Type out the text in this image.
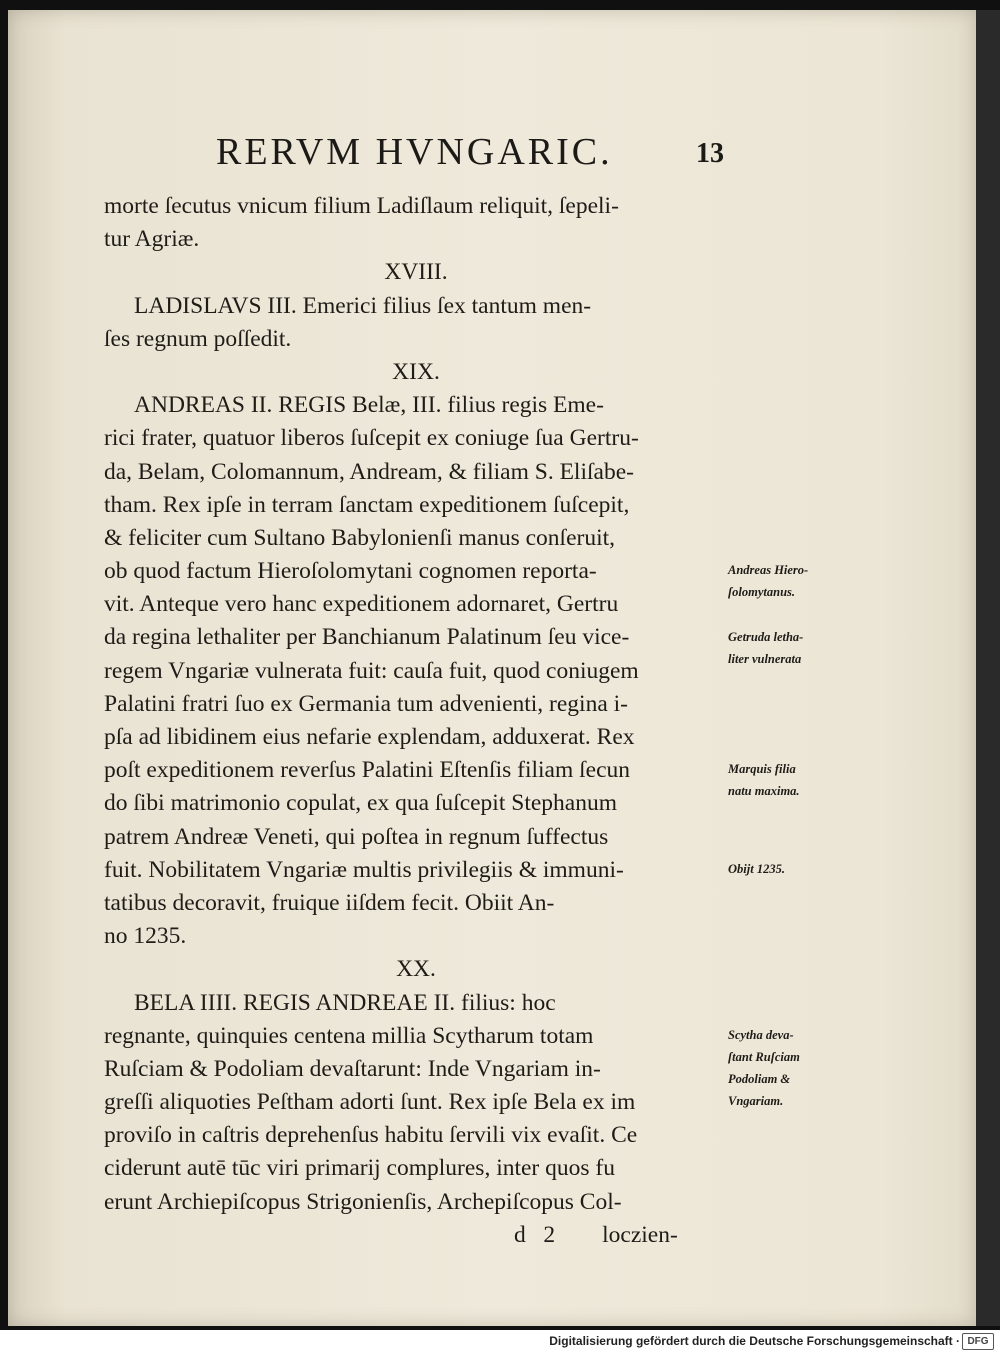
RERVM HVNGARIC.	13
morte ſecutus vnicum filium Ladiſlaum reliquit, ſepeli-
tur Agriæ.
XVIII.
LADISLAVS III. Emerici filius ſex tantum men-
ſes regnum poſſedit.
XIX.
ANDREAS II. REGIS Belæ, III. filius regis Eme-
rici frater, quatuor liberos ſuſcepit ex coniuge ſua Gertru-
da, Belam, Colomannum, Andream, & filiam S. Eliſabe-
tham. Rex ipſe in terram ſanctam expeditionem ſuſcepit,
& feliciter cum Sultano Babylonienſi manus conſeruit,
ob quod factum Hieroſolomytani cognomen reporta-
vit. Anteque vero hanc expeditionem adornaret, Gertru
da regina lethaliter per Banchianum Palatinum ſeu vice-
regem Vngariæ vulnerata fuit: cauſa fuit, quod coniugem
Palatini fratri ſuo ex Germania tum advenienti, regina i-
pſa ad libidinem eius nefarie explendam, adduxerat. Rex
poſt expeditionem reverſus Palatini Eſtenſis filiam ſecun
do ſibi matrimonio copulat, ex qua ſuſcepit Stephanum
patrem Andreæ Veneti, qui poſtea in regnum ſuffectus
fuit. Nobilitatem Vngariæ multis privilegiis & immuni-
tatibus decoravit, fruique iiſdem fecit. Obiit An-
no 1235.
XX.
BELA IIII. REGIS ANDREAE II. filius: hoc
regnante, quinquies centena millia Scytharum totam
Ruſciam & Podoliam devaſtarunt: Inde Vngariam in-
greſſi aliquoties Peſtham adorti ſunt. Rex ipſe Bela ex im
proviſo in caſtris deprehenſus habitu ſervili vix evaſit. Ce
ciderunt autē tūc viri primarij complures, inter quos fu
erunt Archiepiſcopus Strigonienſis, Archepiſcopus Col-
d   2        loczien-
Andreas Hiero-
ſolomytanus.
Getruda letha-
liter vulnerata
Marquis filia
natu maxima.
Obijt 1235.
Scytha deva-
ſtant Ruſciam
Podoliam &
Vngariam.
Digitalisierung gefördert durch die Deutsche Forschungsgemeinschaft · DFG
